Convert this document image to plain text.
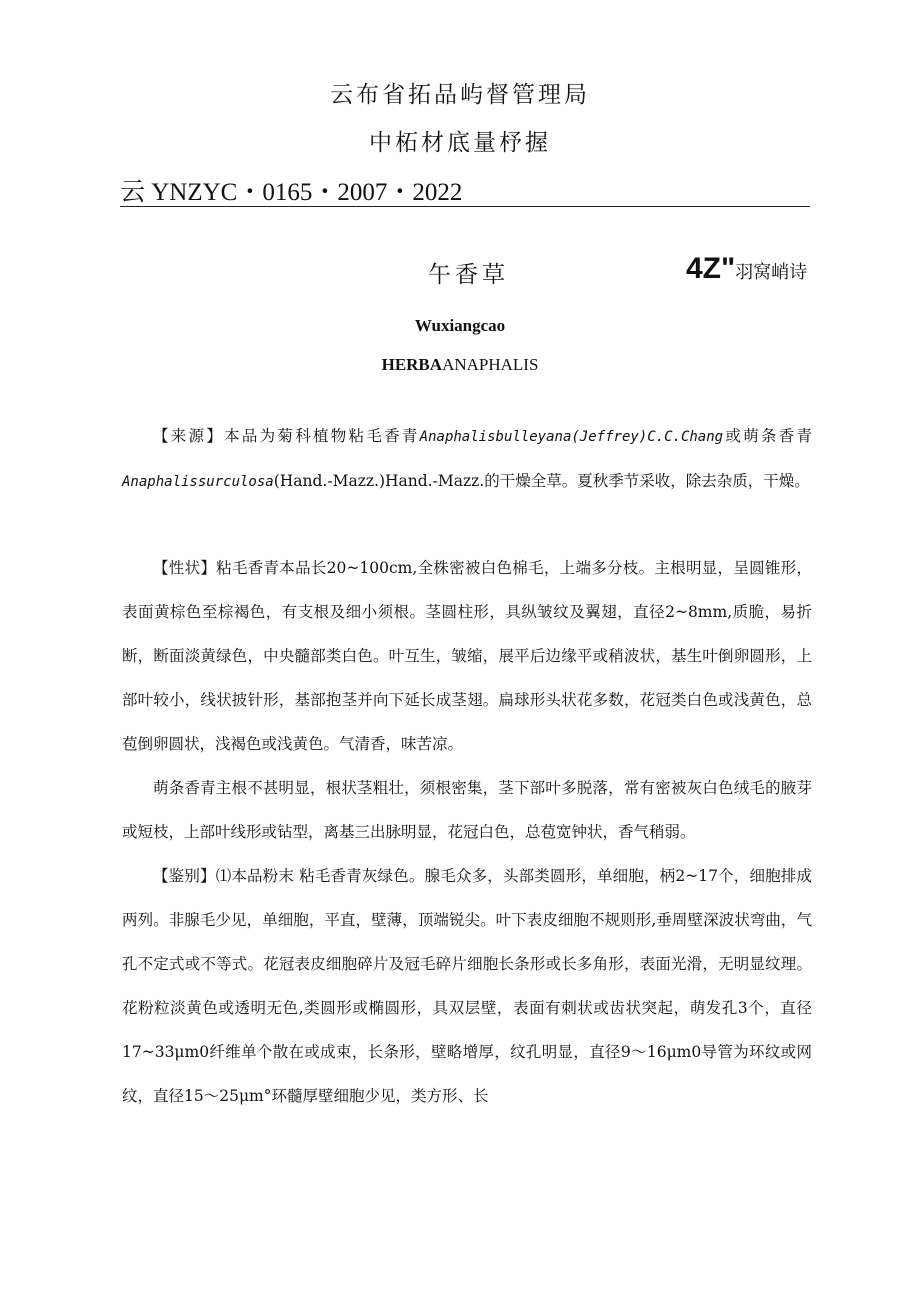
云布省拓品屿督管理局
中柘材底量杼握
云 YNZYC・0165・2007・2022
午香草	4Z"羽窝峭诗
Wuxiangcao
HERBAANAPHALIS

【来源】本品为菊科植物粘毛香青Anaphalisbulleyana(Jeffrey)C.C.Chang或萌条香青Anaphalissurculosa(Hand.-Mazz.)Hand.-Mazz.的干燥全草。夏秋季节采收，除去杂质，干燥。

【性状】粘毛香青本品长20~100cm,全株密被白色棉毛，上端多分枝。主根明显，呈圆锥形，表面黄棕色至棕褐色，有支根及细小须根。茎圆柱形，具纵皱纹及翼翅，直径2~8mm,质脆，易折断，断面淡黄绿色，中央髓部类白色。叶互生，皱缩，展平后边缘平或稍波状，基生叶倒卵圆形，上部叶较小，线状披针形，基部抱茎并向下延长成茎翅。扁球形头状花多数，花冠类白色或浅黄色，总苞倒卵圆状，浅褐色或浅黄色。气清香，味苦凉。

萌条香青主根不甚明显，根状茎粗壮，须根密集，茎下部叶多脱落，常有密被灰白色绒毛的腋芽或短枝，上部叶线形或钻型，离基三出脉明显，花冠白色，总苞宽钟状，香气稍弱。

【鉴别】⑴本品粉末 粘毛香青灰绿色。腺毛众多，头部类圆形，单细胞，柄2~17个，细胞排成两列。非腺毛少见，单细胞，平直，壁薄，顶端锐尖。叶下表皮细胞不规则形,垂周壁深波状弯曲，气孔不定式或不等式。花冠表皮细胞碎片及冠毛碎片细胞长条形或长多角形，表面光滑，无明显纹理。花粉粒淡黄色或透明无色,类圆形或椭圆形，具双层壁，表面有刺状或齿状突起，萌发孔3个，直径17~33μm0纤维单个散在或成束，长条形，壁略增厚，纹孔明显，直径9～16μm0导管为环纹或网纹，直径15～25μm°环髓厚壁细胞少见，类方形、长
